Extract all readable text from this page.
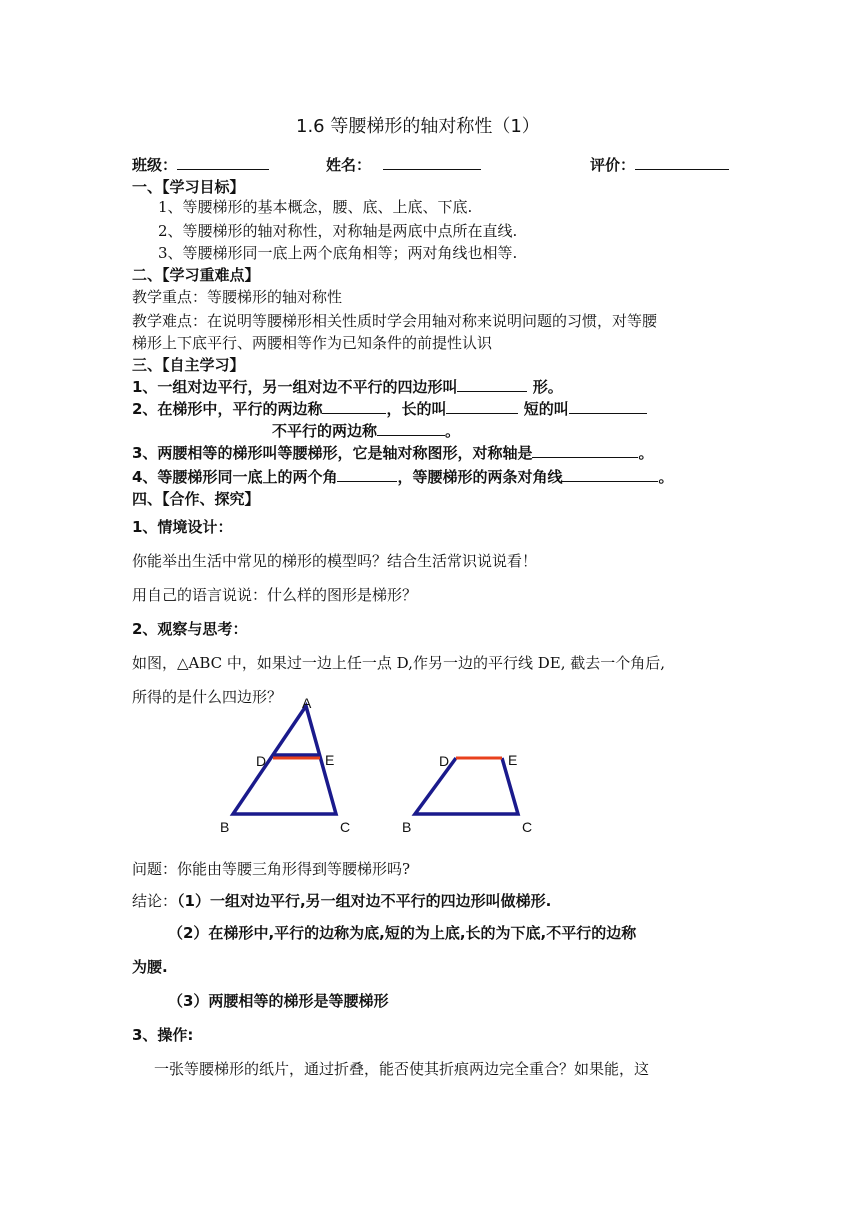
1.6 等腰梯形的轴对称性（1）
班级：	姓名：	评价：
一、【学习目标】
1、等腰梯形的基本概念，腰、底、上底、下底.
2、等腰梯形的轴对称性，对称轴是两底中点所在直线.
3、等腰梯形同一底上两个底角相等；两对角线也相等.
二、【学习重难点】
教学重点：等腰梯形的轴对称性
教学难点：在说明等腰梯形相关性质时学会用轴对称来说明问题的习惯，对等腰
梯形上下底平行、两腰相等作为已知条件的前提性认识
三、【自主学习】
1、一组对边平行，另一组对边不平行的四边形叫	形。
2、在梯形中，平行的两边称	，长的叫	短的叫
不平行的两边称	。
3、两腰相等的梯形叫等腰梯形，它是轴对称图形，对称轴是	。
4、等腰梯形同一底上的两个角	，等腰梯形的两条对角线	。
四、【合作、探究】
1、情境设计：
你能举出生活中常见的梯形的模型吗？结合生活常识说说看！
用自己的语言说说：什么样的图形是梯形？
2、观察与思考：
如图，△ABC 中，如果过一边上任一点 D,作另一边的平行线 DE, 截去一个角后,
所得的是什么四边形？ A
D	E
B	C
D	E
B	C
问题：你能由等腰三角形得到等腰梯形吗?
结论：（1）一组对边平行,另一组对边不平行的四边形叫做梯形.
（2）在梯形中,平行的边称为底,短的为上底,长的为下底,不平行的边称
为腰.
（3）两腰相等的梯形是等腰梯形
3、操作:
一张等腰梯形的纸片，通过折叠，能否使其折痕两边完全重合？如果能，这
